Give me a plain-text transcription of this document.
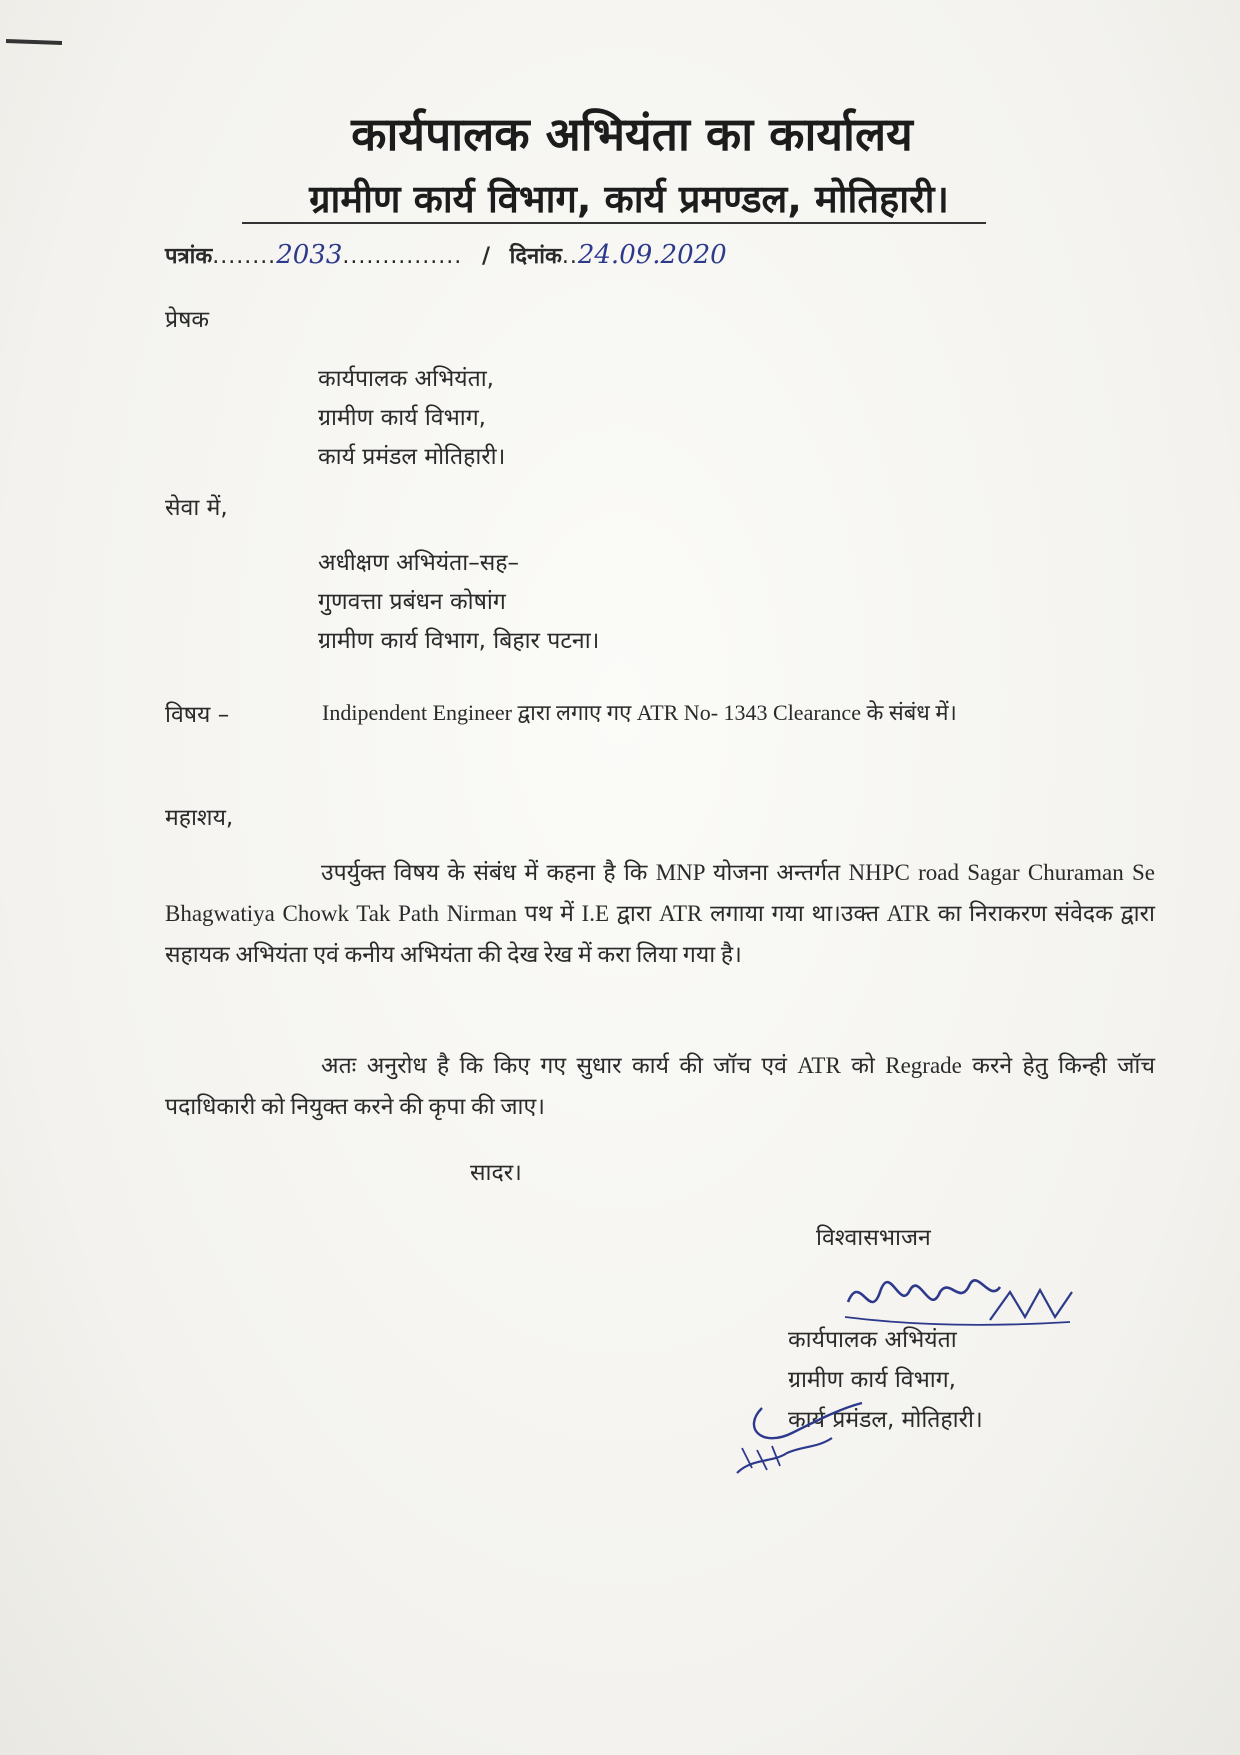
कार्यपालक अभियंता का कार्यालय
ग्रामीण कार्य विभाग, कार्य प्रमण्डल, मोतिहारी।
पत्रांक........2033............... / दिनांक..24.09.2020
प्रेषक
कार्यपालक अभियंता,
ग्रामीण कार्य विभाग,
कार्य प्रमंडल मोतिहारी।
सेवा में,
अधीक्षण अभियंता–सह–
गुणवत्ता प्रबंधन कोषांग
ग्रामीण कार्य विभाग, बिहार पटना।
विषय –	Indipendent Engineer द्वारा लगाए गए ATR No- 1343 Clearance के संबंध में।
महाशय,
उपर्युक्त विषय के संबंध में कहना है कि MNP योजना अन्तर्गत NHPC road Sagar Churaman Se Bhagwatiya Chowk Tak Path Nirman पथ में I.E द्वारा ATR लगाया गया था।उक्त ATR का निराकरण संवेदक द्वारा सहायक अभियंता एवं कनीय अभियंता की देख रेख में करा लिया गया है।
अतः अनुरोध है कि किए गए सुधार कार्य की जॉच एवं ATR को Regrade करने हेतु किन्ही जॉच पदाधिकारी को नियुक्त करने की कृपा की जाए।
सादर।
विश्वासभाजन
कार्यपालक अभियंता
ग्रामीण कार्य विभाग,
कार्य प्रमंडल, मोतिहारी।
